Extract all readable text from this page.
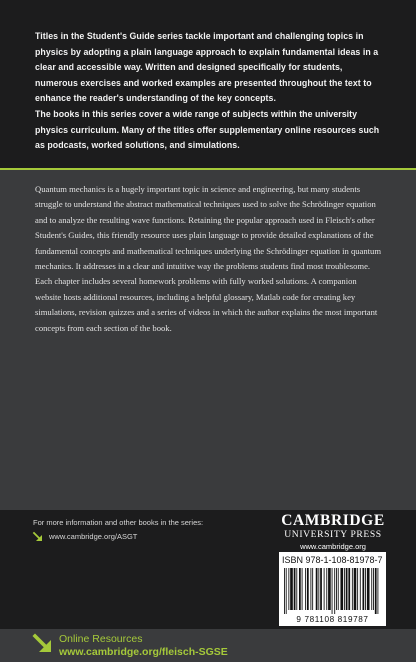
Titles in the Student's Guide series tackle important and challenging topics in physics by adopting a plain language approach to explain fundamental ideas in a clear and accessible way. Written and designed specifically for students, numerous exercises and worked examples are presented throughout the text to enhance the reader's understanding of the key concepts.

The books in this series cover a wide range of subjects within the university physics curriculum. Many of the titles offer supplementary online resources such as podcasts, worked solutions, and simulations.

Quantum mechanics is a hugely important topic in science and engineering, but many students struggle to understand the abstract mathematical techniques used to solve the Schrödinger equation and to analyze the resulting wave functions. Retaining the popular approach used in Fleisch's other Student's Guides, this friendly resource uses plain language to provide detailed explanations of the fundamental concepts and mathematical techniques underlying the Schrödinger equation in quantum mechanics. It addresses in a clear and intuitive way the problems students find most troublesome. Each chapter includes several homework problems with fully worked solutions. A companion website hosts additional resources, including a helpful glossary, Matlab code for creating key simulations, revision quizzes and a series of videos in which the author explains the most important concepts from each section of the book.

Online Resources
www.cambridge.org/fleisch-SGSE
For more information and other books in the series:
www.cambridge.org/ASGT
CAMBRIDGE
UNIVERSITY PRESS
www.cambridge.org
ISBN 978-1-108-81978-7
9 781108 819787
